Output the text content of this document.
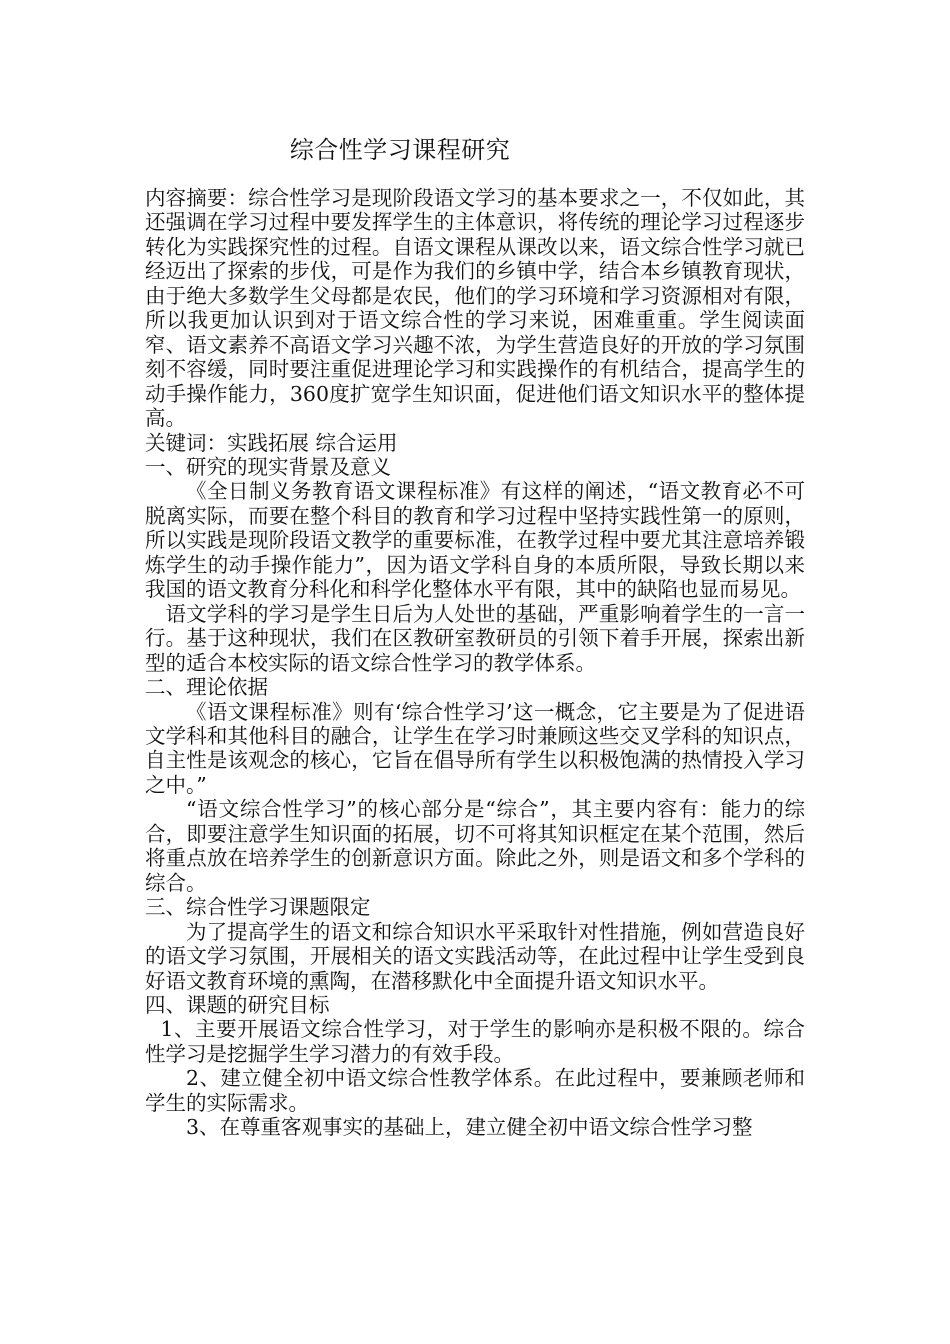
综合性学习课程研究

内容摘要：综合性学习是现阶段语文学习的基本要求之一，不仅如此，其还强调在学习过程中要发挥学生的主体意识，将传统的理论学习过程逐步转化为实践探究性的过程。自语文课程从课改以来，语文综合性学习就已经迈出了探索的步伐，可是作为我们的乡镇中学，结合本乡镇教育现状，由于绝大多数学生父母都是农民，他们的学习环境和学习资源相对有限，所以我更加认识到对于语文综合性的学习来说，困难重重。学生阅读面窄、语文素养不高语文学习兴趣不浓，为学生营造良好的开放的学习氛围刻不容缓，同时要注重促进理论学习和实践操作的有机结合，提高学生的动手操作能力，360度扩宽学生知识面，促进他们语文知识水平的整体提高。

关键词：实践拓展 综合运用

一、研究的现实背景及意义

《全日制义务教育语文课程标准》有这样的阐述，“语文教育必不可脱离实际，而要在整个科目的教育和学习过程中坚持实践性第一的原则，所以实践是现阶段语文教学的重要标准，在教学过程中要尤其注意培养锻炼学生的动手操作能力”，因为语文学科自身的本质所限，导致长期以来我国的语文教育分科化和科学化整体水平有限，其中的缺陷也显而易见。

语文学科的学习是学生日后为人处世的基础，严重影响着学生的一言一行。基于这种现状，我们在区教研室教研员的引领下着手开展，探索出新型的适合本校实际的语文综合性学习的教学体系。

二、理论依据

《语文课程标准》则有‘综合性学习’这一概念，它主要是为了促进语文学科和其他科目的融合，让学生在学习时兼顾这些交叉学科的知识点，自主性是该观念的核心，它旨在倡导所有学生以积极饱满的热情投入学习之中。”

“语文综合性学习”的核心部分是“综合”，其主要内容有：能力的综合，即要注意学生知识面的拓展，切不可将其知识框定在某个范围，然后将重点放在培养学生的创新意识方面。除此之外，则是语文和多个学科的综合。

三、综合性学习课题限定

为了提高学生的语文和综合知识水平采取针对性措施，例如营造良好的语文学习氛围，开展相关的语文实践活动等，在此过程中让学生受到良好语文教育环境的熏陶，在潜移默化中全面提升语文知识水平。

四、课题的研究目标

1、主要开展语文综合性学习，对于学生的影响亦是积极不限的。综合性学习是挖掘学生学习潜力的有效手段。

2、建立健全初中语文综合性教学体系。在此过程中，要兼顾老师和学生的实际需求。

3、在尊重客观事实的基础上，建立健全初中语文综合性学习整
